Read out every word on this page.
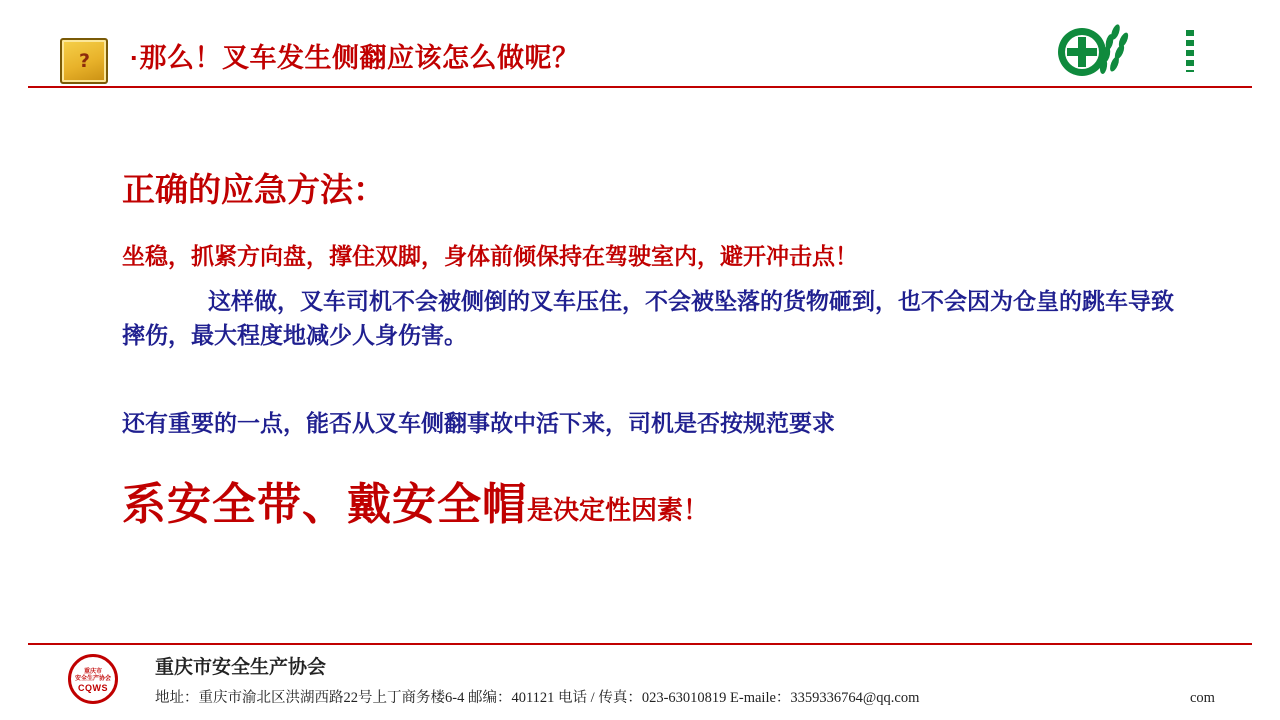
?	·那么！叉车发生侧翻应该怎么做呢？
正确的应急方法：
坐稳，抓紧方向盘，撑住双脚，身体前倾保持在驾驶室内，避开冲击点！
这样做，叉车司机不会被侧倒的叉车压住，不会被坠落的货物砸到，也不会因为仓皇的跳车导致摔伤，最大程度地减少人身伤害。
还有重要的一点，能否从叉车侧翻事故中活下来，司机是否按规范要求
系安全带、戴安全帽是决定性因素！
重庆市
安全生产协会
CQWS
重庆市安全生产协会
地址：重庆市渝北区洪湖西路22号上丁商务楼6-4 邮编：401121 电话 / 传真：023-63010819 E-maile：3359336764@qq.com	com
